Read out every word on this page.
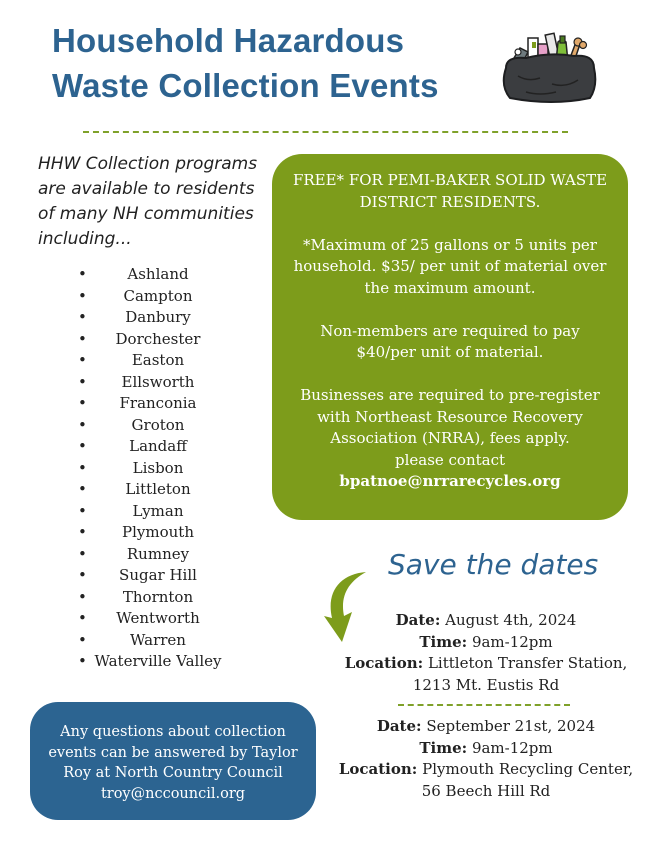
Household Hazardous
Waste Collection Events
HHW Collection programs
are available to residents
of many NH communities
including...
•	Ashland
• Campton
•	Danbury
• Dorchester
•	Easton
• Ellsworth
• Franconia
•	Groton
•	Landaff
•	Lisbon
•	Littleton
•	Lyman
• Plymouth
•	Rumney
• Sugar Hill
• Thornton
• Wentworth
•	Warren
• Waterville Valley

FREE* FOR PEMI-BAKER SOLID WASTE
DISTRICT RESIDENTS.

*Maximum of 25 gallons or 5 units per
household. $35/ per unit of material over
the maximum amount.

Non-members are required to pay
$40/per unit of material.

Businesses are required to pre-register
with Northeast Resource Recovery
Association (NRRA), fees apply.
please contact
bpatnoe@nrrarecycles.org

Save the dates
Date: August 4th, 2024
Time: 9am-12pm
Location: Littleton Transfer Station,
1213 Mt. Eustis Rd
Date: September 21st, 2024
Time: 9am-12pm
Location: Plymouth Recycling Center,
56 Beech Hill Rd
Any questions about collection
events can be answered by Taylor
Roy at North Country Council
troy@nccouncil.org
